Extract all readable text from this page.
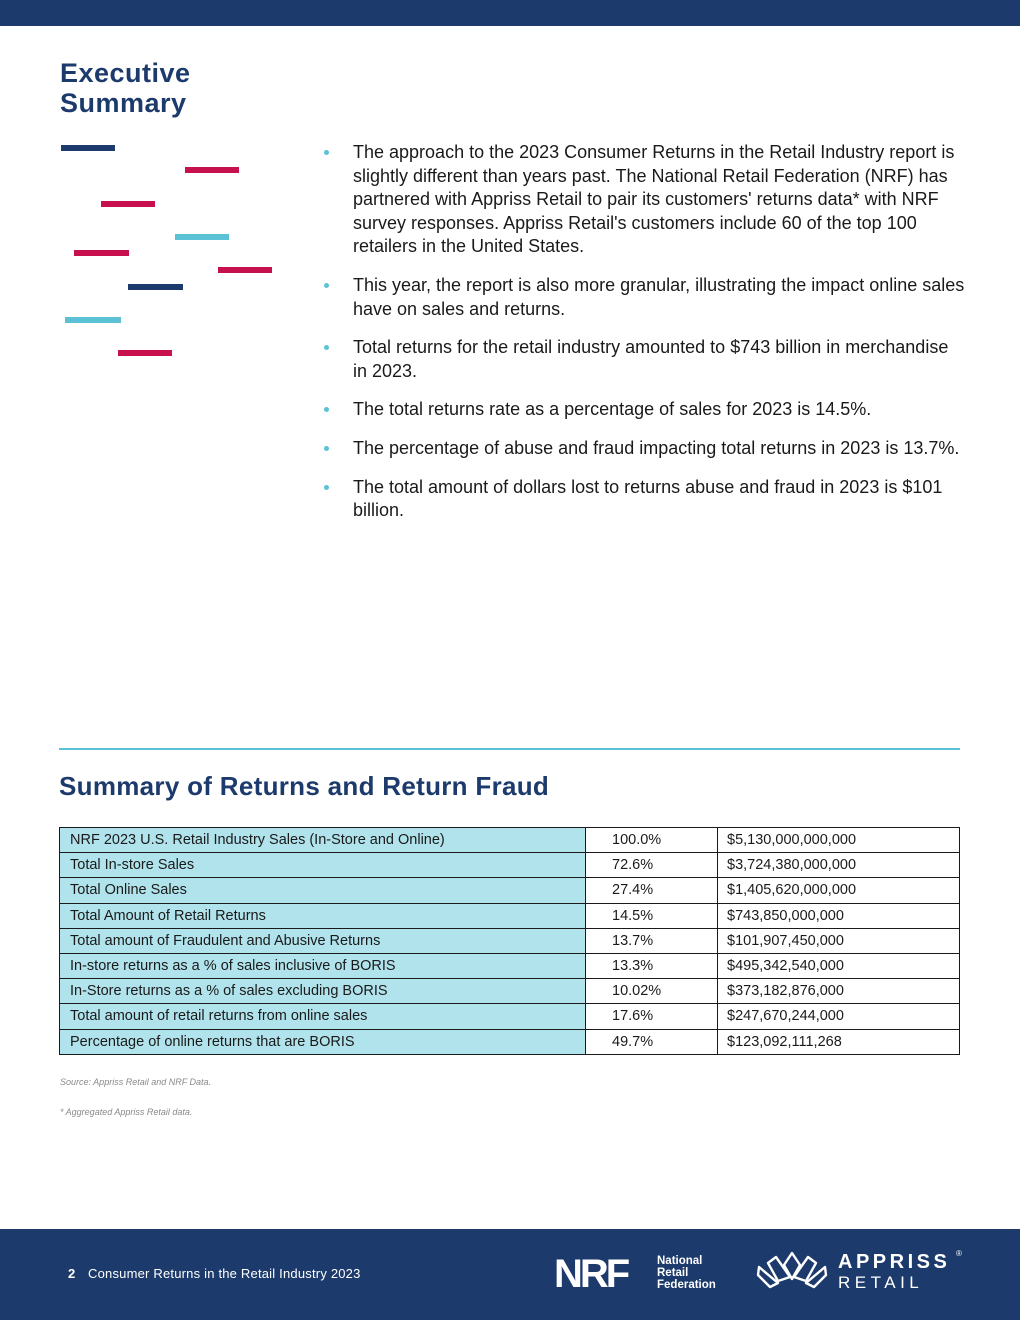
Executive
Summary
The approach to the 2023 Consumer Returns in the Retail Industry report is slightly different than years past. The National Retail Federation (NRF) has partnered with Appriss Retail to pair its customers' returns data* with NRF survey responses. Appriss Retail's customers include 60 of the top 100 retailers in the United States.
This year, the report is also more granular, illustrating the impact online sales have on sales and returns.
Total returns for the retail industry amounted to $743 billion in merchandise in 2023.
The total returns rate as a percentage of sales for 2023 is 14.5%.
The percentage of abuse and fraud impacting total returns in 2023 is 13.7%.
The total amount of dollars lost to returns abuse and fraud in 2023 is $101 billion.
Summary of Returns and Return Fraud
NRF 2023 U.S. Retail Industry Sales (In-Store and Online)	100.0%	$5,130,000,000,000
Total In-store Sales	72.6%	$3,724,380,000,000
Total Online Sales	27.4%	$1,405,620,000,000
Total Amount of Retail Returns	14.5%	$743,850,000,000
Total amount of Fraudulent and Abusive Returns	13.7%	$101,907,450,000
In-store returns as a % of sales inclusive of BORIS	13.3%	$495,342,540,000
In-Store returns as a % of sales excluding BORIS	10.02%	$373,182,876,000
Total amount of retail returns from online sales	17.6%	$247,670,244,000
Percentage of online returns that are BORIS	49.7%	$123,092,111,268

Source: Appriss Retail and NRF Data.

* Aggregated Appriss Retail data.

2 Consumer Returns in the Retail Industry 2023	NRF	National
Retail
Federation
APPRISS ®
RETAIL
